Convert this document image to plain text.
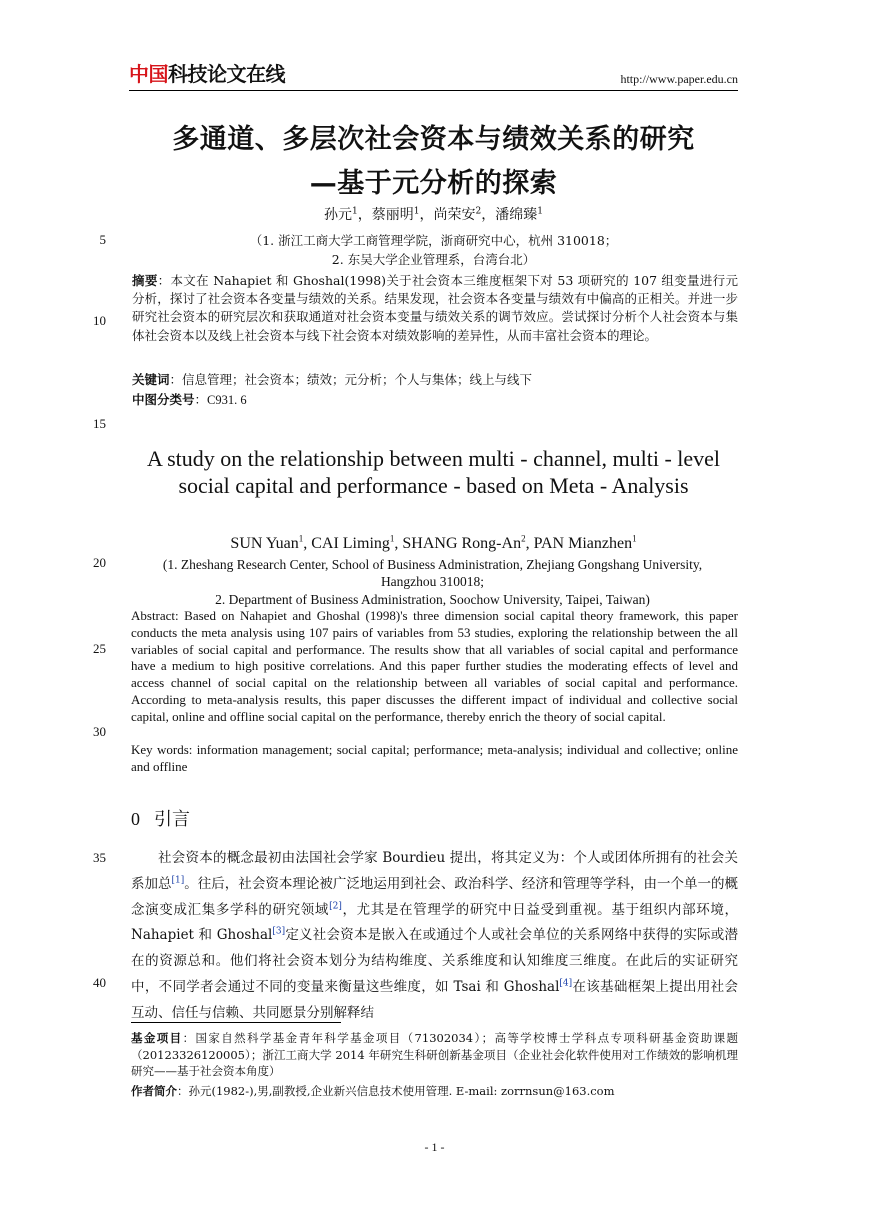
中国科技论文在线	http://www.paper.edu.cn
5
10
15
20
25
30
35
40
多通道、多层次社会资本与绩效关系的研究
—基于元分析的探索
孙元$^1$，蔡丽明$^1$，尚荣安$^2$，潘绵臻$^1$
（1. 浙江工商大学工商管理学院，浙商研究中心，杭州 310018；
2. 东吴大学企业管理系，台湾台北）
摘要：本文在 Nahapiet 和 Ghoshal(1998)关于社会资本三维度框架下对 53 项研究的 107 组变量进行元分析，探讨了社会资本各变量与绩效的关系。结果发现，社会资本各变量与绩效有中偏高的正相关。并进一步研究社会资本的研究层次和获取通道对社会资本变量与绩效关系的调节效应。尝试探讨分析个人社会资本与集体社会资本以及线上社会资本与线下社会资本对绩效影响的差异性，从而丰富社会资本的理论。
关键词：信息管理；社会资本；绩效；元分析；个人与集体；线上与线下
中图分类号：C931. 6
A study on the relationship between multi - channel, multi - level social capital and performance - based on Meta - Analysis
SUN Yuan$^1$, CAI Liming$^1$, SHANG Rong-An$^2$, PAN Mianzhen$^1$
(1. Zheshang Research Center, School of Business Administration, Zhejiang Gongshang University, Hangzhou 310018;
2. Department of Business Administration, Soochow University, Taipei, Taiwan)
Abstract: Based on Nahapiet and Ghoshal (1998)'s three dimension social capital theory framework, this paper conducts the meta analysis using 107 pairs of variables from 53 studies, exploring the relationship between the all variables of social capital and performance. The results show that all variables of social capital and performance have a medium to high positive correlations. And this paper further studies the moderating effects of level and access channel of social capital on the relationship between all variables of social capital and performance. According to meta-analysis results, this paper discusses the different impact of individual and collective social capital, online and offline social capital on the performance, thereby enrich the theory of social capital.
Key words: information management; social capital; performance; meta-analysis; individual and collective; online and offline
0 引言
社会资本的概念最初由法国社会学家 Bourdieu 提出，将其定义为：个人或团体所拥有的社会关系加总[1]。往后，社会资本理论被广泛地运用到社会、政治科学、经济和管理等学科，由一个单一的概念演变成汇集多学科的研究领域[2]，尤其是在管理学的研究中日益受到重视。基于组织内部环境，Nahapiet 和 Ghoshal[3]定义社会资本是嵌入在或通过个人或社会单位的关系网络中获得的实际或潜在的资源总和。他们将社会资本划分为结构维度、关系维度和认知维度三维度。在此后的实证研究中，不同学者会通过不同的变量来衡量这些维度，如 Tsai 和 Ghoshal[4]在该基础框架上提出用社会互动、信任与信赖、共同愿景分别解释结
基金项目：国家自然科学基金青年科学基金项目（71302034）；高等学校博士学科点专项科研基金资助课题（20123326120005）；浙江工商大学 2014 年研究生科研创新基金项目（企业社会化软件使用对工作绩效的影响机理研究——基于社会资本角度）
作者简介：孙元(1982-),男,副教授,企业新兴信息技术使用管理. E-mail: zorrnsun@163.com
- 1 -
